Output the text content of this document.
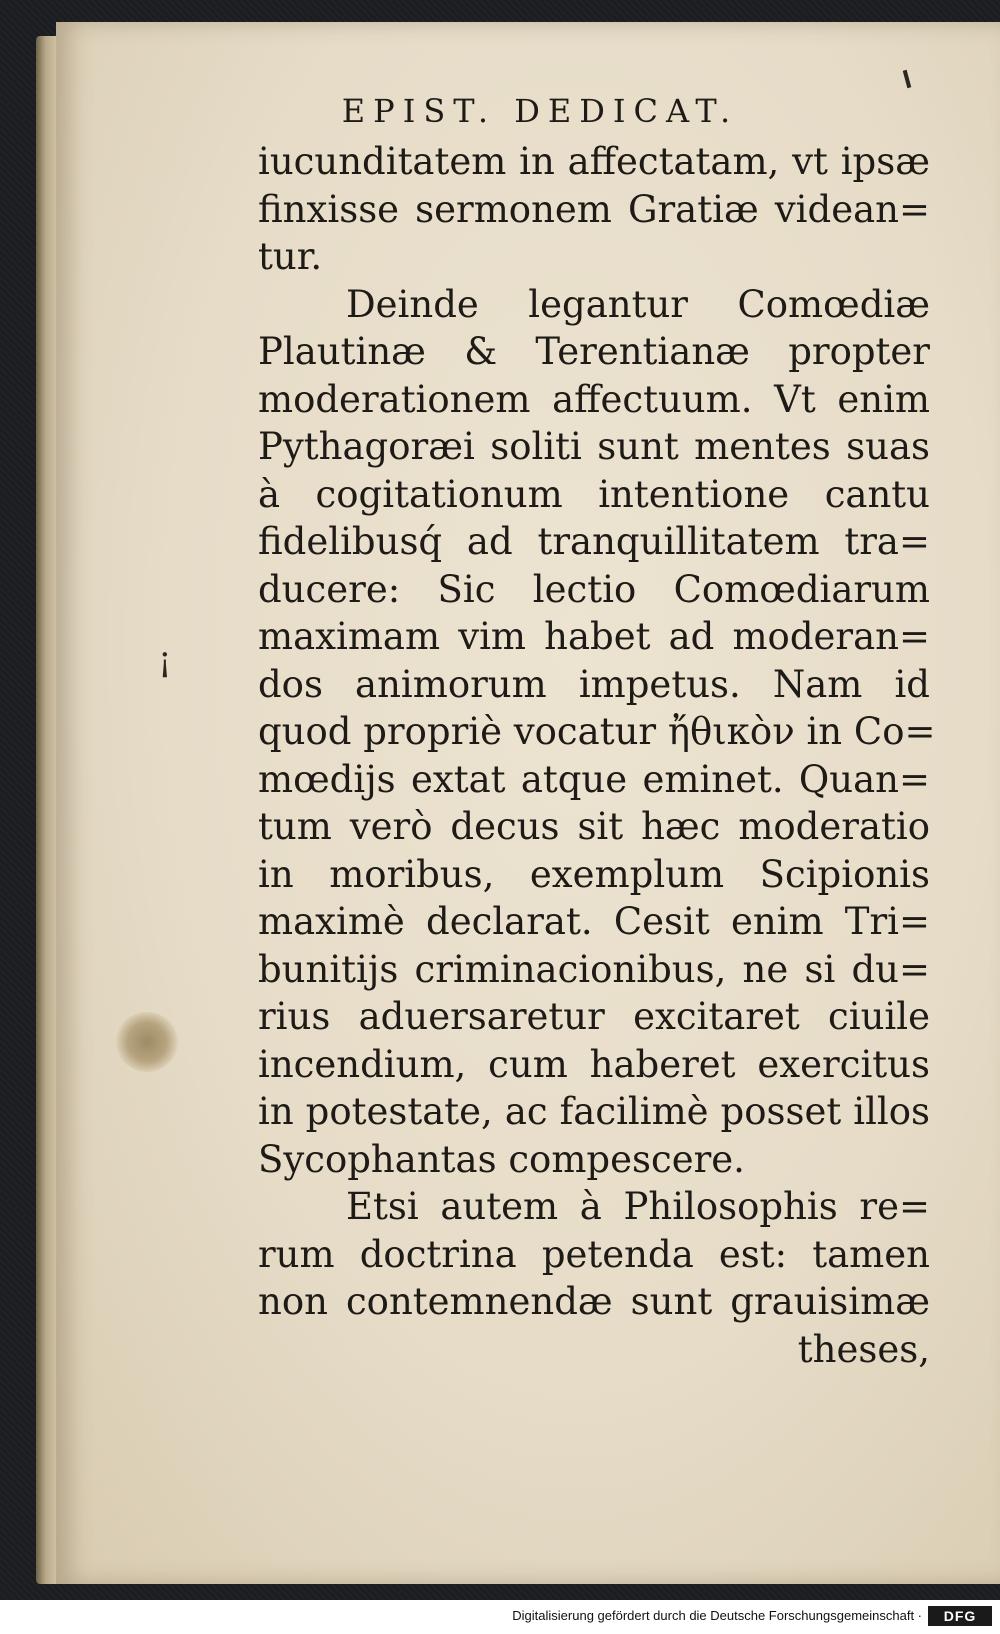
¡
EPIST. DEDICAT.
iucunditatem in affectatam, vt ipsæ
finxisse sermonem Gratiæ videan=
tur.
Deinde legantur Comœdiæ
Plautinæ & Terentianæ propter
moderationem affectuum. Vt enim
Pythagoræi soliti sunt mentes suas
à cogitationum intentione cantu
fidelibusq́ ad tranquillitatem tra=
ducere: Sic lectio Comœdiarum
maximam vim habet ad moderan=
dos animorum impetus. Nam id
quod propriè vocatur ἤθικὸν in Co=
mœdijs extat atque eminet. Quan=
tum verò decus sit hæc moderatio
in moribus, exemplum Scipionis
maximè declarat. Cesit enim Tri=
bunitijs criminacionibus, ne si du=
rius aduersaretur excitaret ciuile
incendium, cum haberet exercitus
in potestate, ac facilimè posset illos
Sycophantas compescere.
Etsi autem à Philosophis re=
rum doctrina petenda est: tamen
non contemnendæ sunt grauisimæ
theses,
Digitalisierung gefördert durch die Deutsche Forschungsgemeinschaft ·	DFG
